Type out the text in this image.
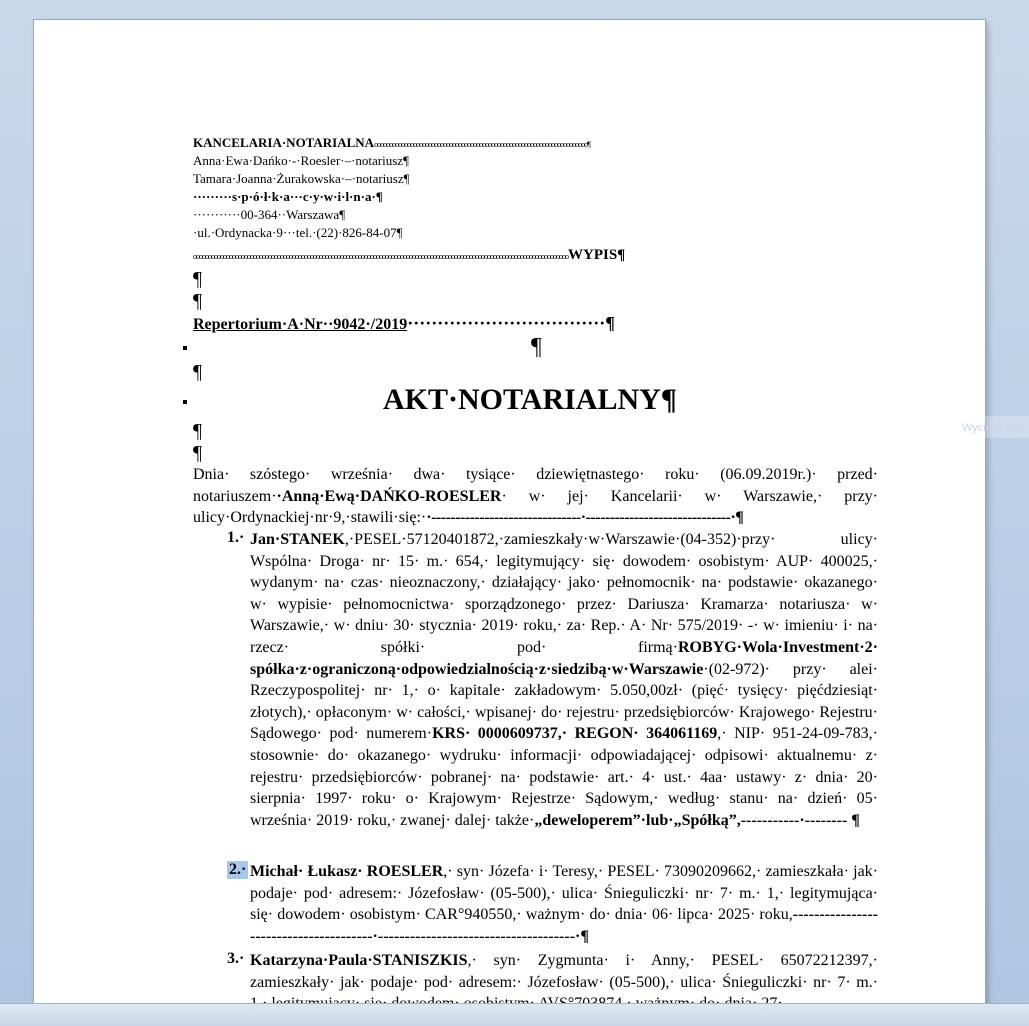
KANCELARIA·NOTARIALNAooooooooooooooooooooooooooooooooooooooooooooooooooooooooooooooooooooooo¶
Anna·Ewa·Dańko·-·Roesler·–·notariusz¶
Tamara·Joanna·Żurakowska·–·notariusz¶
·········s·p·ó·ł·k·a···c·y·w·i·l·n·a·¶
···········00-364··Warszawa¶
·ul.·Ordynacka·9···tel.·(22)·826-84-07¶
oooooooooooooooooooooooooooooooooooooooooooooooooooooooooooooooooooooooooooooooooooooooooooooooooooooooooooooooooooooooooooooWYPIS¶
¶
¶
Repertorium·A·Nr··9042·/2019·································¶
¶
¶
AKT·NOTARIALNY¶
¶
¶
Dnia· szóstego· września· dwa· tysiące· dziewiętnastego· roku· (06.09.2019r.)· przed· notariuszem··Anną·Ewą·DAŃKO-ROESLER· w· jej· Kancelarii· w· Warszawie,· przy· ulicy·Ordynackiej·nr·9,·stawili·się:··-------------------------------·------------------------------·¶
1.· Jan·STANEK,·PESEL·57120401872,·zamieszkały·w·Warszawie·(04-352)·przy· ulicy· Wspólna· Droga· nr· 15· m.· 654,· legitymujący· się· dowodem· osobistym· AUP· 400025,· wydanym· na· czas· nieoznaczony,· działający· jako· pełnomocnik· na· podstawie· okazanego· w· wypisie· pełnomocnictwa· sporządzonego· przez· Dariusza· Kramarza· notariusza· w· Warszawie,· w· dniu· 30· stycznia· 2019· roku,· za· Rep.· A· Nr· 575/2019· -· w· imieniu· i· na· rzecz· spółki· pod· firmą·ROBYG·Wola·Investment·2· spółka·z·ograniczoną·odpowiedzialnością·z·siedzibą·w·Warszawie·(02-972)· przy· alei· Rzeczypospolitej· nr· 1,· o· kapitale· zakładowym· 5.050,00zł· (pięć· tysięcy· pięćdziesiąt· złotych),· opłaconym· w· całości,· wpisanej· do· rejestru· przedsiębiorców· Krajowego· Rejestru· Sądowego· pod· numerem·KRS· 0000609737,· REGON· 364061169,· NIP· 951-24-09-783,· stosownie· do· okazanego· wydruku· informacji· odpowiadającej· odpisowi· aktualnemu· z· rejestru· przedsiębiorców· pobranej· na· podstawie· art.· 4· ust.· 4aa· ustawy· z· dnia· 20· sierpnia· 1997· roku· o· Krajowym· Rejestrze· Sądowym,· według· stanu· na· dzień· 05· września· 2019· roku,· zwanej· dalej· także·„deweloperem”·lub·„Spółką”,-----------·-------- ¶
2.· Michał· Łukasz· ROESLER,· syn· Józefa· i· Teresy,· PESEL· 73090209662,· zamieszkała· jak· podaje· pod· adresem:· Józefosław· (05-500),· ulica· Śnieguliczki· nr· 7· m.· 1,· legitymująca· się· dowodem· osobistym· CAR°940550,· ważnym· do· dnia· 06· lipca· 2025· roku,---------------------------------------·-------------------------------------·¶
3.· Katarzyna·Paula·STANISZKIS,· syn· Zygmunta· i· Anny,· PESEL· 65072212397,· zamieszkały· jak· podaje· pod· adresem:· Józefosław· (05-500),· ulica· Śnieguliczki· nr· 7· m.·
Wycinek pro
